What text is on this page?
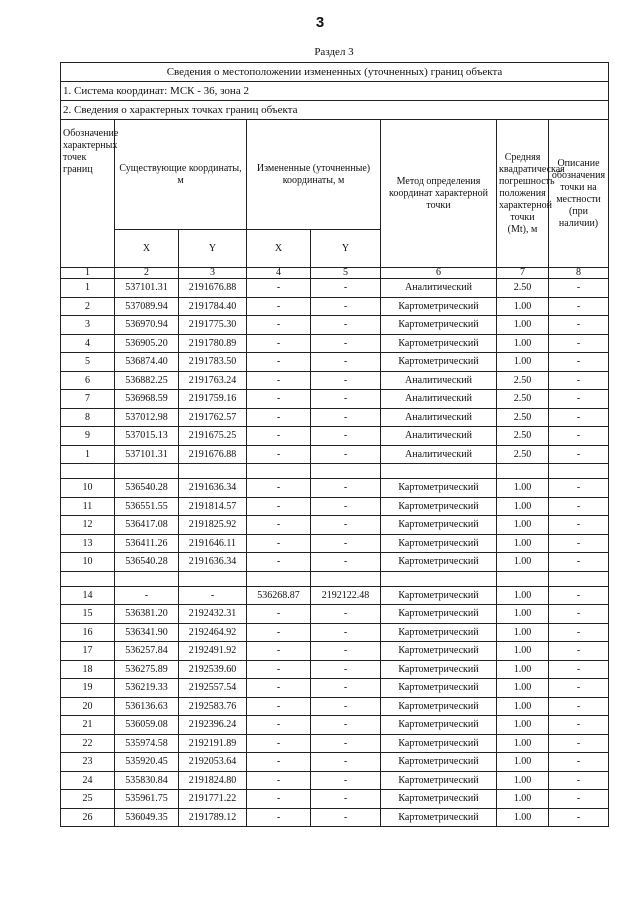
3
Раздел 3
Сведения о местоположении измененных (уточненных) границ объекта							
1. Система координат: МСК - 36, зона 2							
2. Сведения о характерных точках границ объекта							
Обозначение характерных точек границ	Существующие координаты, м		Измененные (уточненные) координаты, м		Метод определения координат характерной точки	Средняя квадратическая погрешность положения характерной точки (Mt), м	Описание обозначения точки на местности (при наличии)
	X	Y	X	Y			
1	2	3	4	5	6	7	8
1	537101.31	2191676.88	-	-	Аналитический	2.50	-
2	537089.94	2191784.40	-	-	Картометрический	1.00	-
3	536970.94	2191775.30	-	-	Картометрический	1.00	-
4	536905.20	2191780.89	-	-	Картометрический	1.00	-
5	536874.40	2191783.50	-	-	Картометрический	1.00	-
6	536882.25	2191763.24	-	-	Аналитический	2.50	-
7	536968.59	2191759.16	-	-	Аналитический	2.50	-
8	537012.98	2191762.57	-	-	Аналитический	2.50	-
9	537015.13	2191675.25	-	-	Аналитический	2.50	-
1	537101.31	2191676.88	-	-	Аналитический	2.50	-

10	536540.28	2191636.34	-	-	Картометрический	1.00	-
11	536551.55	2191814.57	-	-	Картометрический	1.00	-
12	536417.08	2191825.92	-	-	Картометрический	1.00	-
13	536411.26	2191646.11	-	-	Картометрический	1.00	-
10	536540.28	2191636.34	-	-	Картометрический	1.00	-

14	-	-	536268.87	2192122.48	Картометрический	1.00	-
15	536381.20	2192432.31	-	-	Картометрический	1.00	-
16	536341.90	2192464.92	-	-	Картометрический	1.00	-
17	536257.84	2192491.92	-	-	Картометрический	1.00	-
18	536275.89	2192539.60	-	-	Картометрический	1.00	-
19	536219.33	2192557.54	-	-	Картометрический	1.00	-
20	536136.63	2192583.76	-	-	Картометрический	1.00	-
21	536059.08	2192396.24	-	-	Картометрический	1.00	-
22	535974.58	2192191.89	-	-	Картометрический	1.00	-
23	535920.45	2192053.64	-	-	Картометрический	1.00	-
24	535830.84	2191824.80	-	-	Картометрический	1.00	-
25	535961.75	2191771.22	-	-	Картометрический	1.00	-
26	536049.35	2191789.12	-	-	Картометрический	1.00	-
